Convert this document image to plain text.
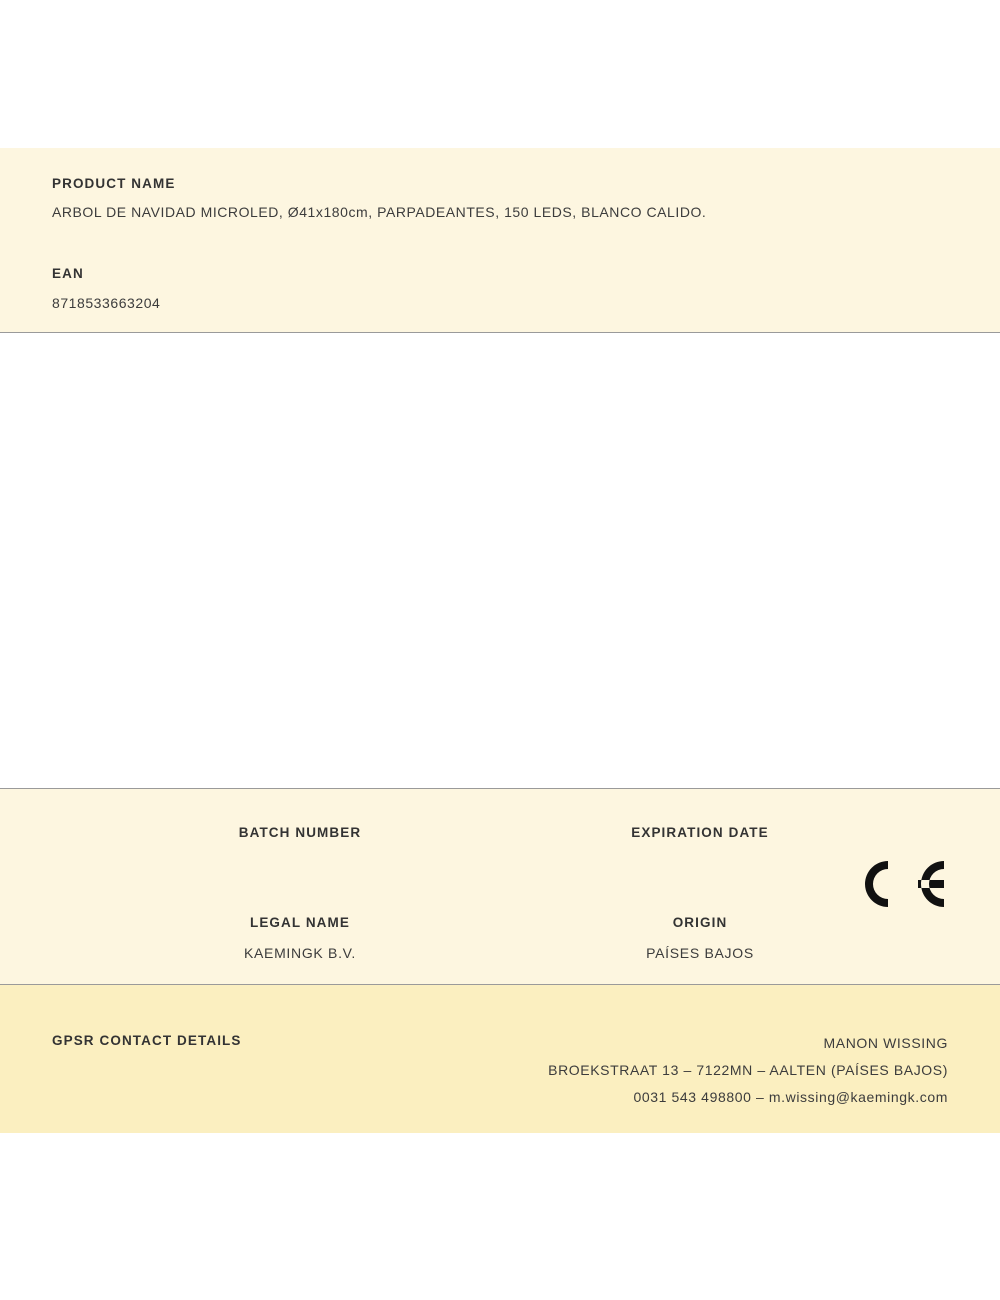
PRODUCT NAME
ARBOL DE NAVIDAD MICROLED, Ø41x180cm, PARPADEANTES, 150 LEDS, BLANCO CALIDO.
EAN
8718533663204
BATCH NUMBER	EXPIRATION DATE
LEGAL NAME	ORIGIN
KAEMINGK B.V.	PAÍSES BAJOS
GPSR CONTACT DETAILS	MANON WISSING
BROEKSTRAAT 13 – 7122MN – AALTEN (PAÍSES BAJOS)
0031 543 498800 – m.wissing@kaemingk.com
